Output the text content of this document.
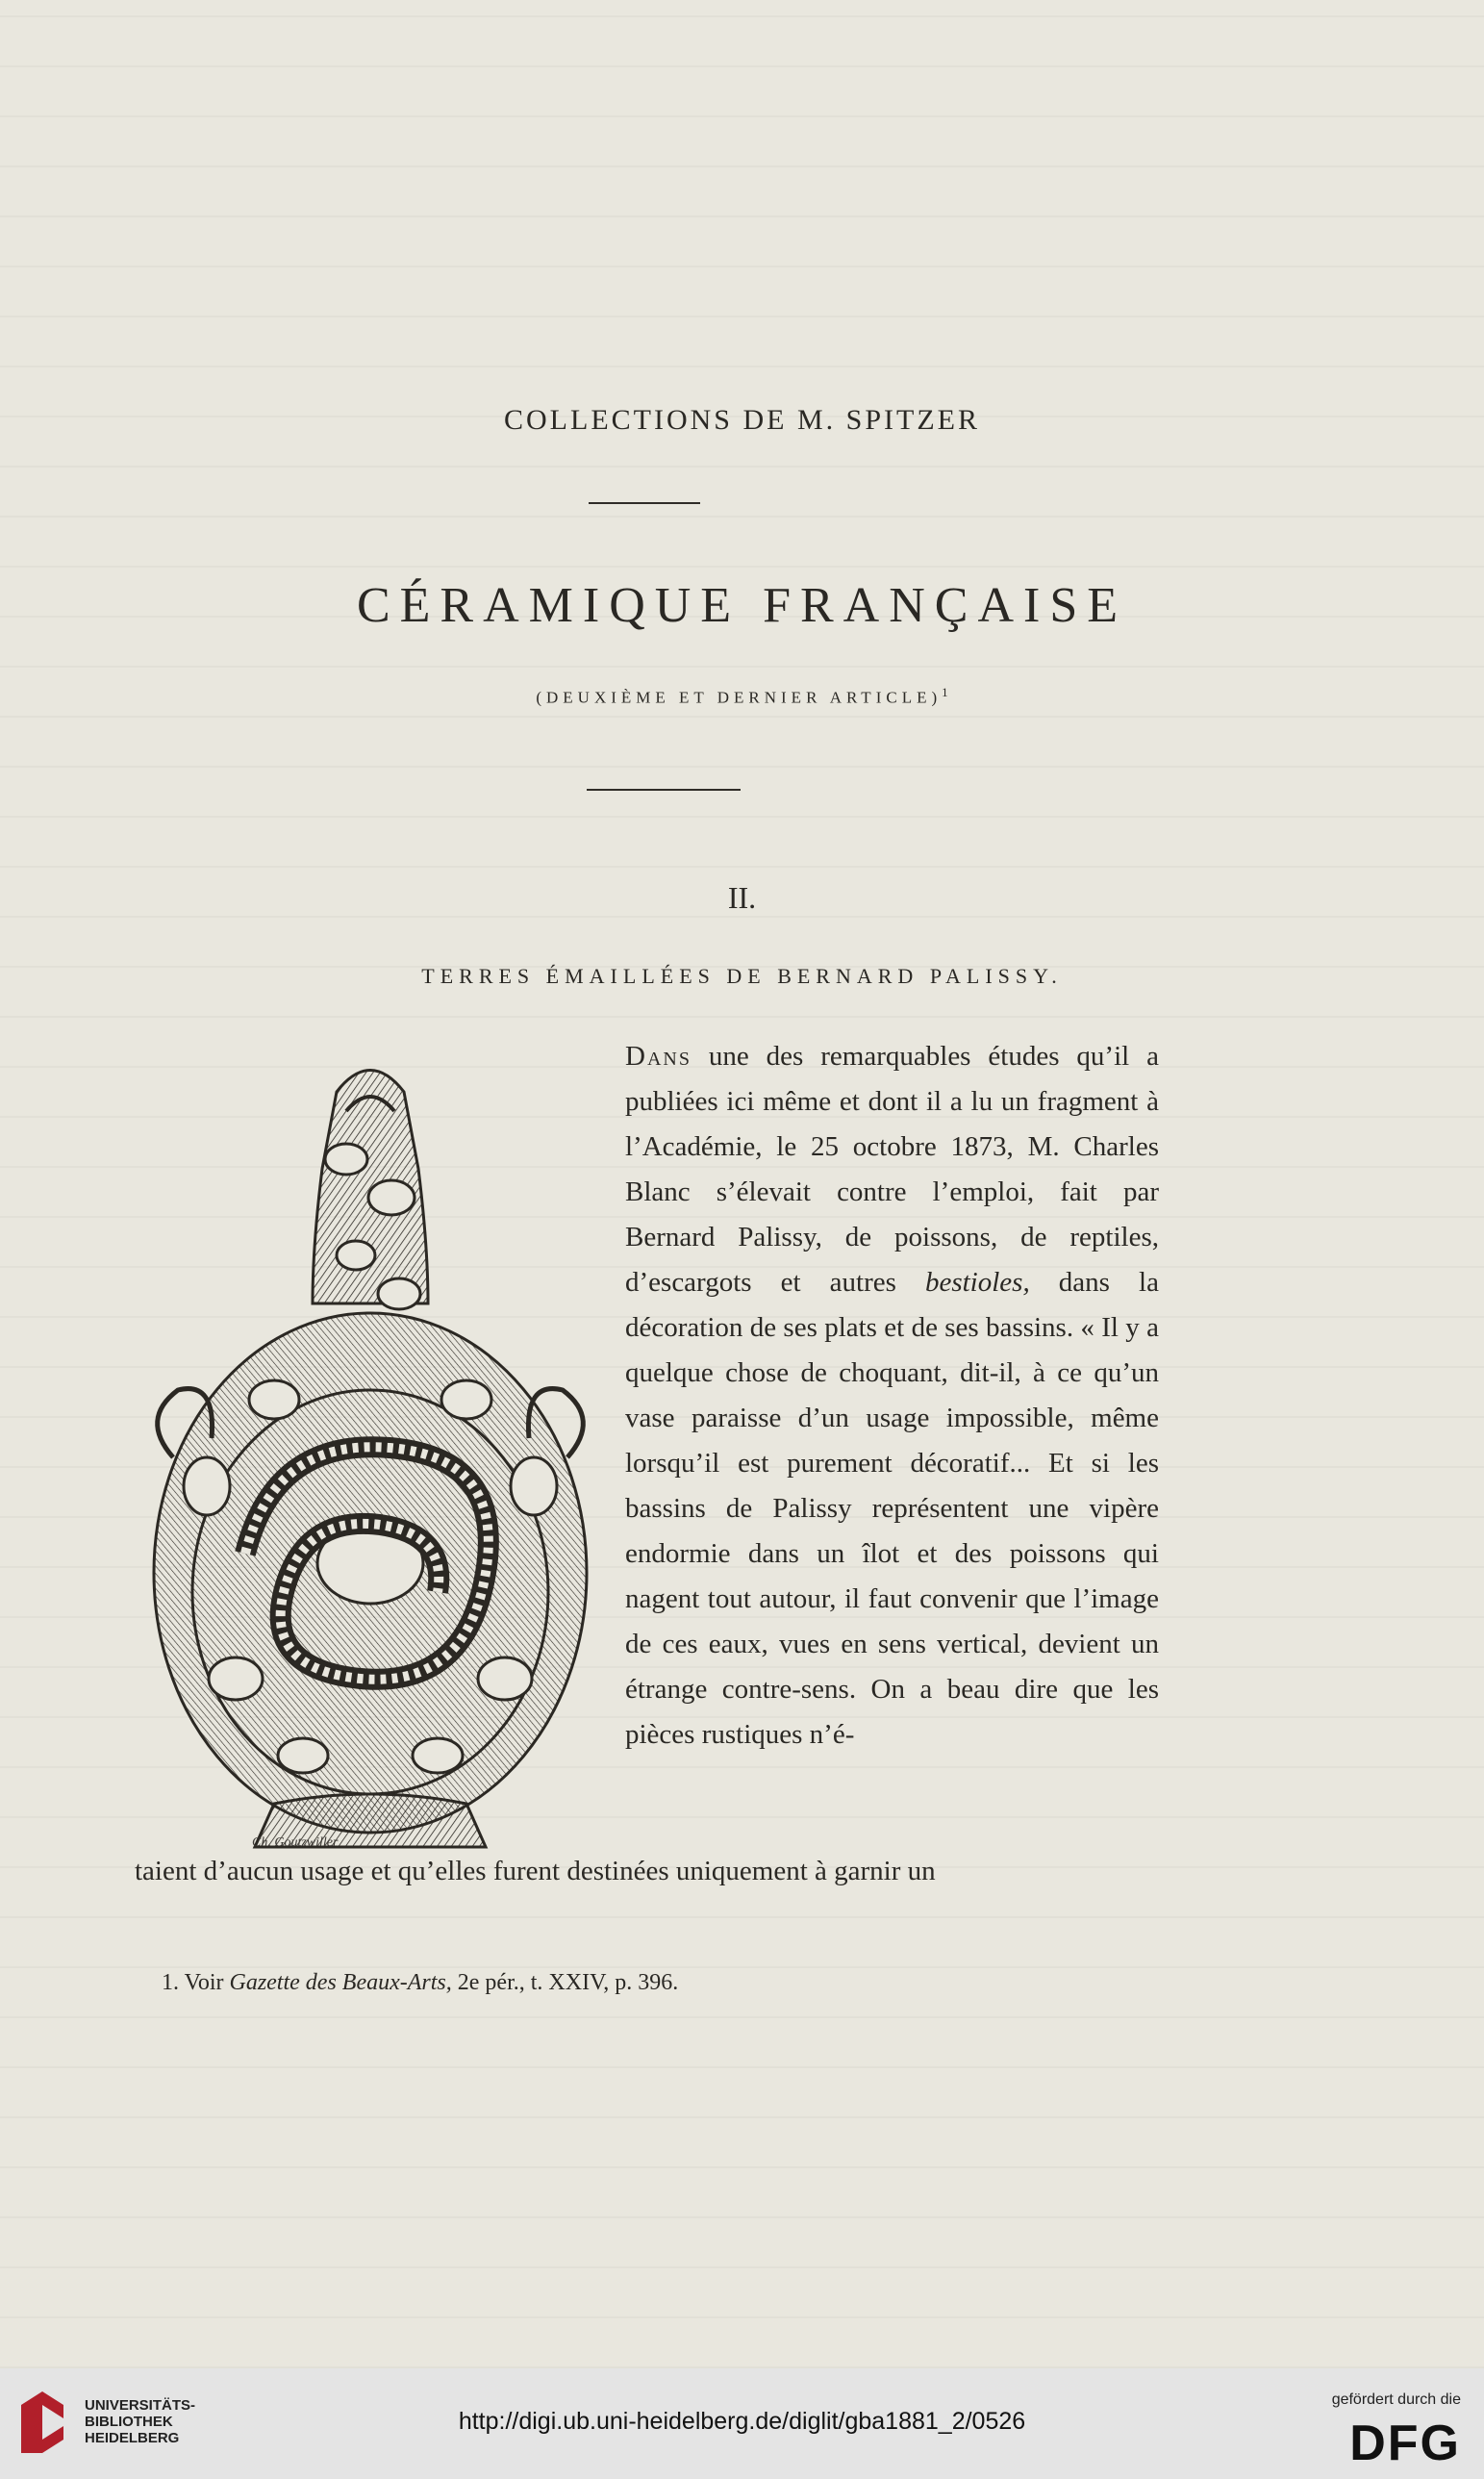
COLLECTIONS DE M. SPITZER
CÉRAMIQUE FRANÇAISE
(DEUXIÈME ET DERNIER ARTICLE)$^1$
II.
TERRES ÉMAILLÉES DE BERNARD PALISSY.
Ch. Goutzwiller
Dans une des remarquables études qu’il a publiées ici même et dont il a lu un fragment à l’Académie, le 25 octobre 1873, M. Charles Blanc s’élevait contre l’emploi, fait par Bernard Palissy, de poissons, de reptiles, d’escargots et autres bestioles, dans la décoration de ses plats et de ses bassins. « Il y a quelque chose de choquant, dit-il, à ce qu’un vase paraisse d’un usage impossible, même lorsqu’il est purement décoratif... Et si les bassins de Palissy représentent une vipère endormie dans un îlot et des poissons qui nagent tout autour, il faut convenir que l’image de ces eaux, vues en sens vertical, devient un étrange contre-sens. On a beau dire que les pièces rustiques n’é-
taient d’aucun usage et qu’elles furent destinées uniquement à garnir un
1. Voir Gazette des Beaux-Arts, 2e pér., t. XXIV, p. 396.
UNIVERSITÄTS-
BIBLIOTHEK
HEIDELBERG
http://digi.ub.uni-heidelberg.de/diglit/gba1881_2/0526
gefördert durch die
DFG
